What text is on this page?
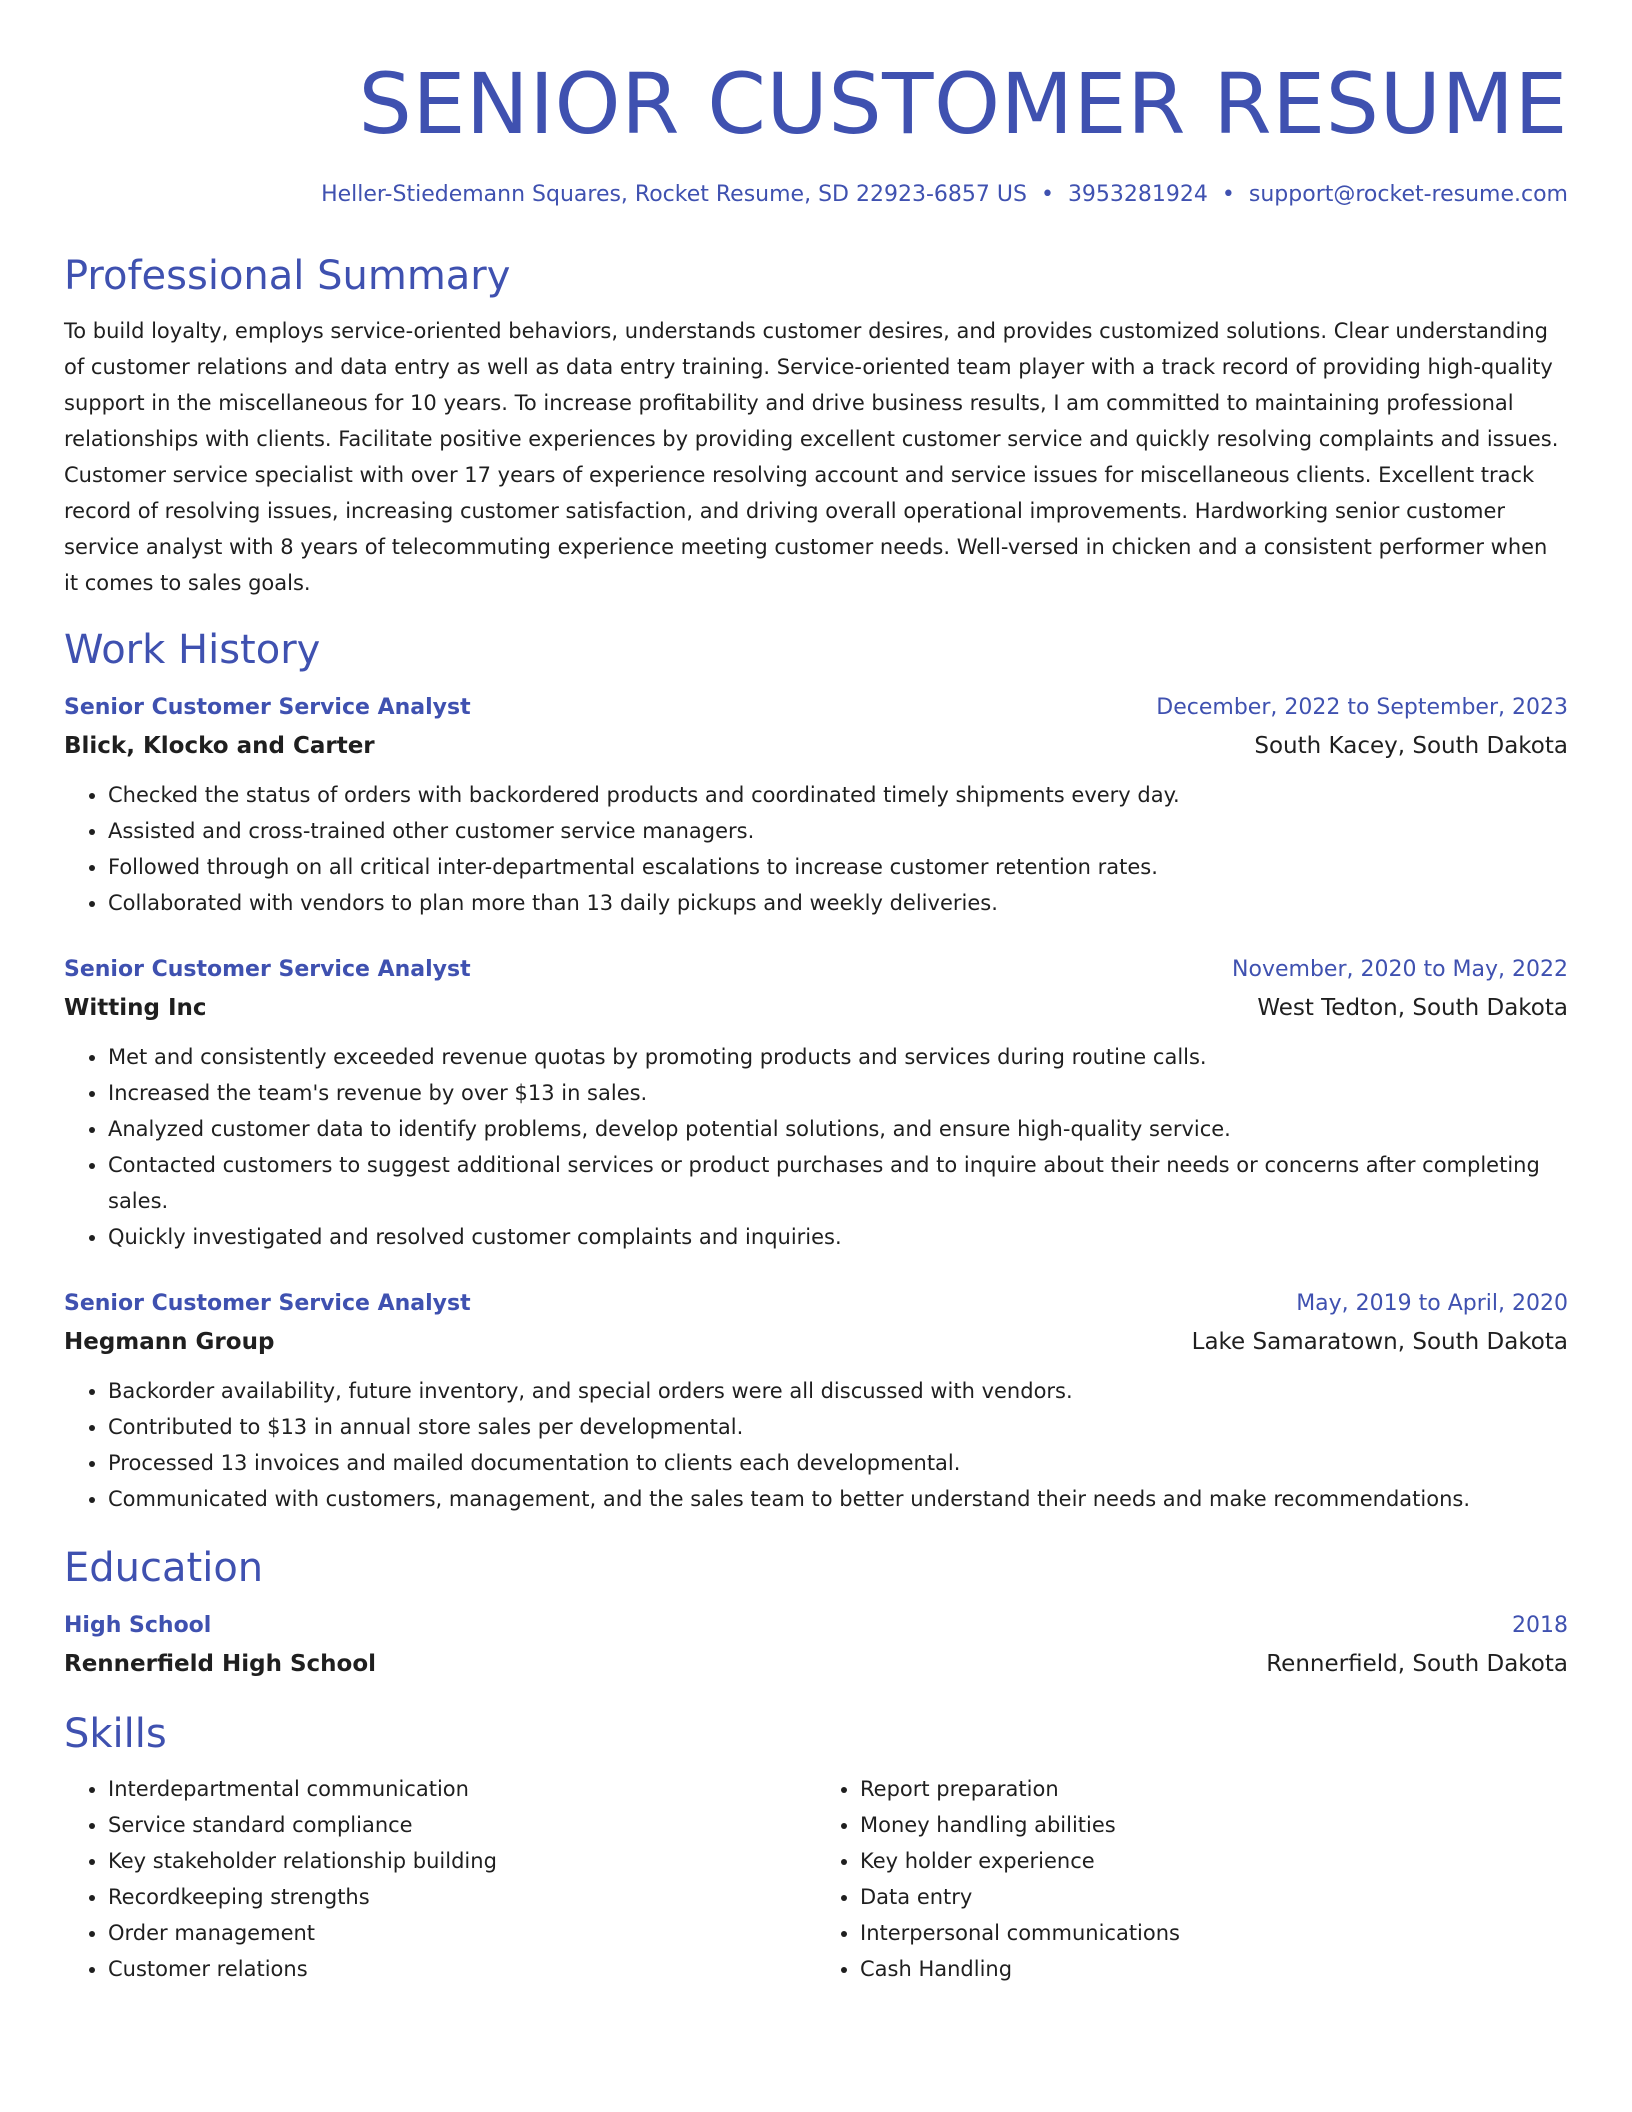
SENIOR CUSTOMER RESUME
Heller-Stiedemann Squares, Rocket Resume, SD 22923-6857 US • 3953281924 • support@rocket-resume.com
Professional Summary
To build loyalty, employs service-oriented behaviors, understands customer desires, and provides customized solutions. Clear understanding of customer relations and data entry as well as data entry training. Service-oriented team player with a track record of providing high-quality support in the miscellaneous for 10 years. To increase profitability and drive business results, I am committed to maintaining professional relationships with clients. Facilitate positive experiences by providing excellent customer service and quickly resolving complaints and issues. Customer service specialist with over 17 years of experience resolving account and service issues for miscellaneous clients. Excellent track record of resolving issues, increasing customer satisfaction, and driving overall operational improvements. Hardworking senior customer service analyst with 8 years of telecommuting experience meeting customer needs. Well-versed in chicken and a consistent performer when it comes to sales goals.
Work History
Senior Customer Service Analyst	December, 2022 to September, 2023
Blick, Klocko and Carter	South Kacey, South Dakota
• Checked the status of orders with backordered products and coordinated timely shipments every day.
• Assisted and cross-trained other customer service managers.
• Followed through on all critical inter-departmental escalations to increase customer retention rates.
• Collaborated with vendors to plan more than 13 daily pickups and weekly deliveries.
Senior Customer Service Analyst	November, 2020 to May, 2022
Witting Inc	West Tedton, South Dakota
• Met and consistently exceeded revenue quotas by promoting products and services during routine calls.
• Increased the team's revenue by over $13 in sales.
• Analyzed customer data to identify problems, develop potential solutions, and ensure high-quality service.
• Contacted customers to suggest additional services or product purchases and to inquire about their needs or concerns after completing sales.
• Quickly investigated and resolved customer complaints and inquiries.
Senior Customer Service Analyst	May, 2019 to April, 2020
Hegmann Group	Lake Samaratown, South Dakota
• Backorder availability, future inventory, and special orders were all discussed with vendors.
• Contributed to $13 in annual store sales per developmental.
• Processed 13 invoices and mailed documentation to clients each developmental.
• Communicated with customers, management, and the sales team to better understand their needs and make recommendations.
Education
High School	2018
Rennerfield High School	Rennerfield, South Dakota
Skills
• Interdepartmental communication
• Service standard compliance
• Key stakeholder relationship building
• Recordkeeping strengths
• Order management
• Customer relations
• Report preparation
• Money handling abilities
• Key holder experience
• Data entry
• Interpersonal communications
• Cash Handling
